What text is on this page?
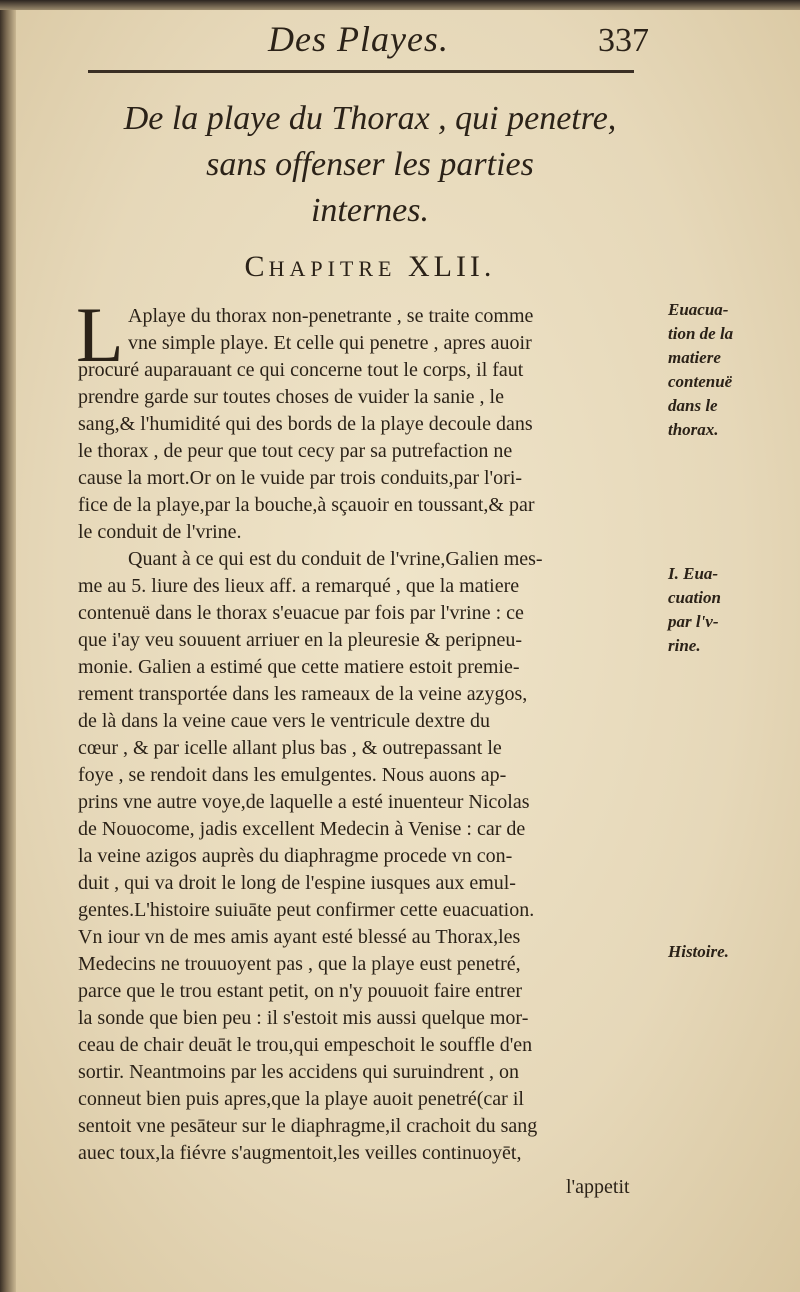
Des Playes.	337
De la playe du Thorax , qui penetre,
sans offenser les parties
internes.
CHAPITRE XLII.
L Aplaye du thorax non-penetrante , se traite comme
vne simple playe. Et celle qui penetre , apres auoir
procuré auparauant ce qui concerne tout le corps, il faut
prendre garde sur toutes choses de vuider la sanie , le
sang,& l'humidité qui des bords de la playe decoule dans
le thorax , de peur que tout cecy par sa putrefaction ne
cause la mort.Or on le vuide par trois conduits,par l'ori-
fice de la playe,par la bouche,à sçauoir en toussant,& par
le conduit de l'vrine.
Quant à ce qui est du conduit de l'vrine,Galien mes-
me au 5. liure des lieux aff. a remarqué , que la matiere
contenuë dans le thorax s'euacue par fois par l'vrine : ce
que i'ay veu souuent arriuer en la pleuresie & peripneu-
monie. Galien a estimé que cette matiere estoit premie-
rement transportée dans les rameaux de la veine azygos,
de là dans la veine caue vers le ventricule dextre du
cœur , & par icelle allant plus bas , & outrepassant le
foye , se rendoit dans les emulgentes. Nous auons ap-
prins vne autre voye,de laquelle a esté inuenteur Nicolas
de Nouocome, jadis excellent Medecin à Venise : car de
la veine azigos auprès du diaphragme procede vn con-
duit , qui va droit le long de l'espine iusques aux emul-
gentes.L'histoire suiuāte peut confirmer cette euacuation.
Vn iour vn de mes amis ayant esté blessé au Thorax,les
Medecins ne trouuoyent pas , que la playe eust penetré,
parce que le trou estant petit, on n'y pouuoit faire entrer
la sonde que bien peu : il s'estoit mis aussi quelque mor-
ceau de chair deuāt le trou,qui empeschoit le souffle d'en
sortir. Neantmoins par les accidens qui suruindrent , on
conneut bien puis apres,que la playe auoit penetré(car il
sentoit vne pesāteur sur le diaphragme,il crachoit du sang
auec toux,la fiévre s'augmentoit,les veilles continuoyēt,
l'appetit
Euacua-
tion de la
matiere
contenuë
dans le
thorax.
I. Eua-
cuation
par l'v-
rine.
Histoire.
